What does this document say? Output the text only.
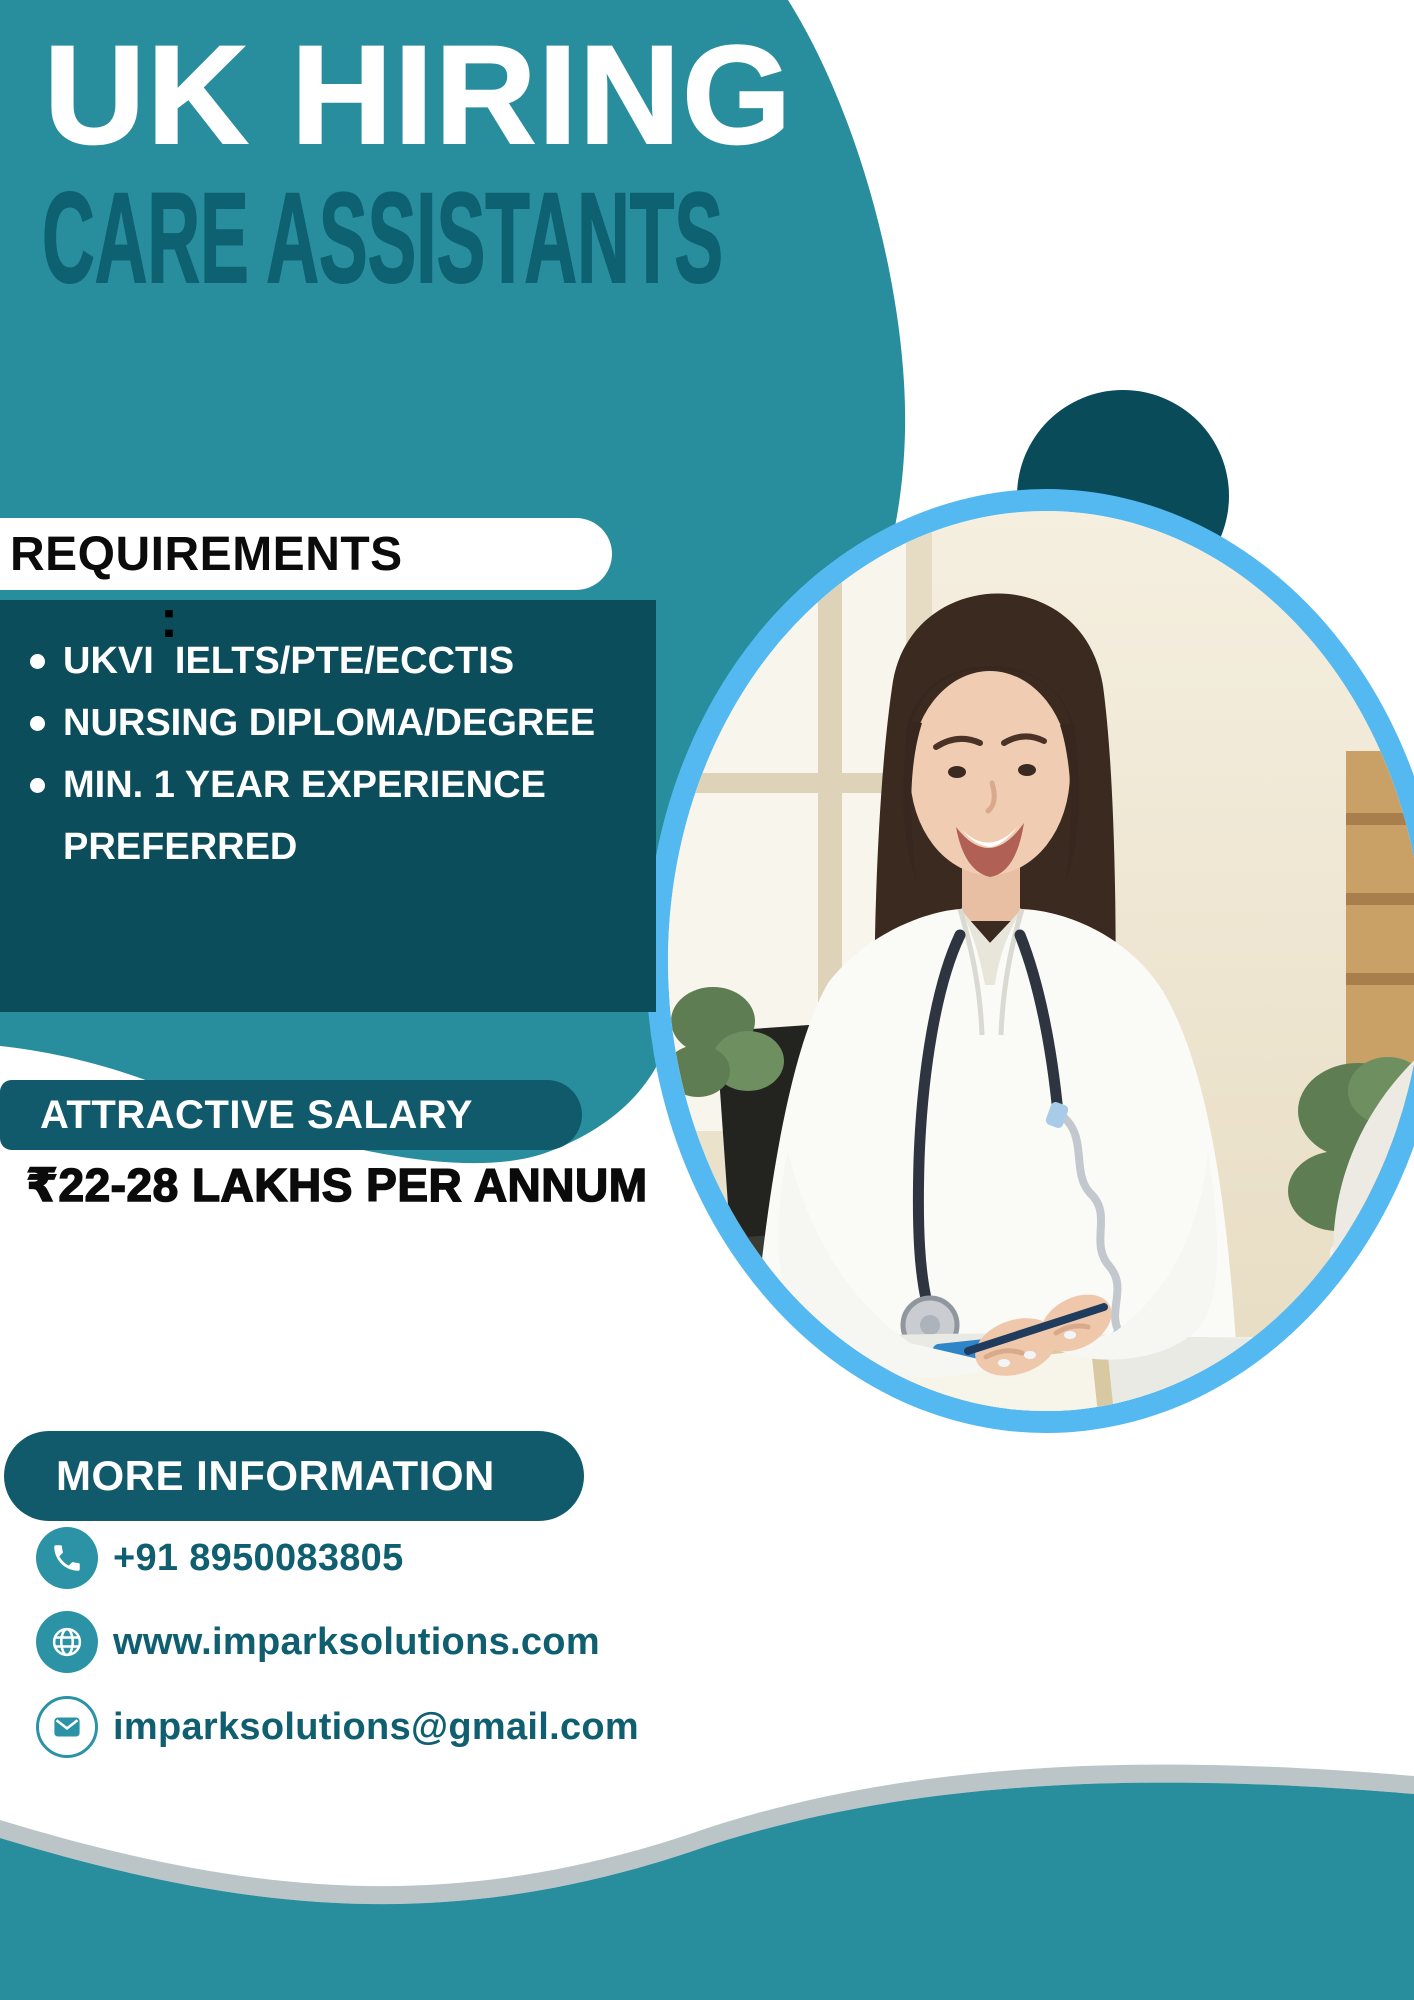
UK HIRING
CARE ASSISTANTS
REQUIREMENTS
:
UKVI  IELTS/PTE/ECCTIS
NURSING DIPLOMA/DEGREE
MIN. 1 YEAR EXPERIENCE PREFERRED
ATTRACTIVE SALARY
₹22-28 LAKHS PER ANNUM
MORE INFORMATION
+91 8950083805
www.imparksolutions.com
imparksolutions@gmail.com
